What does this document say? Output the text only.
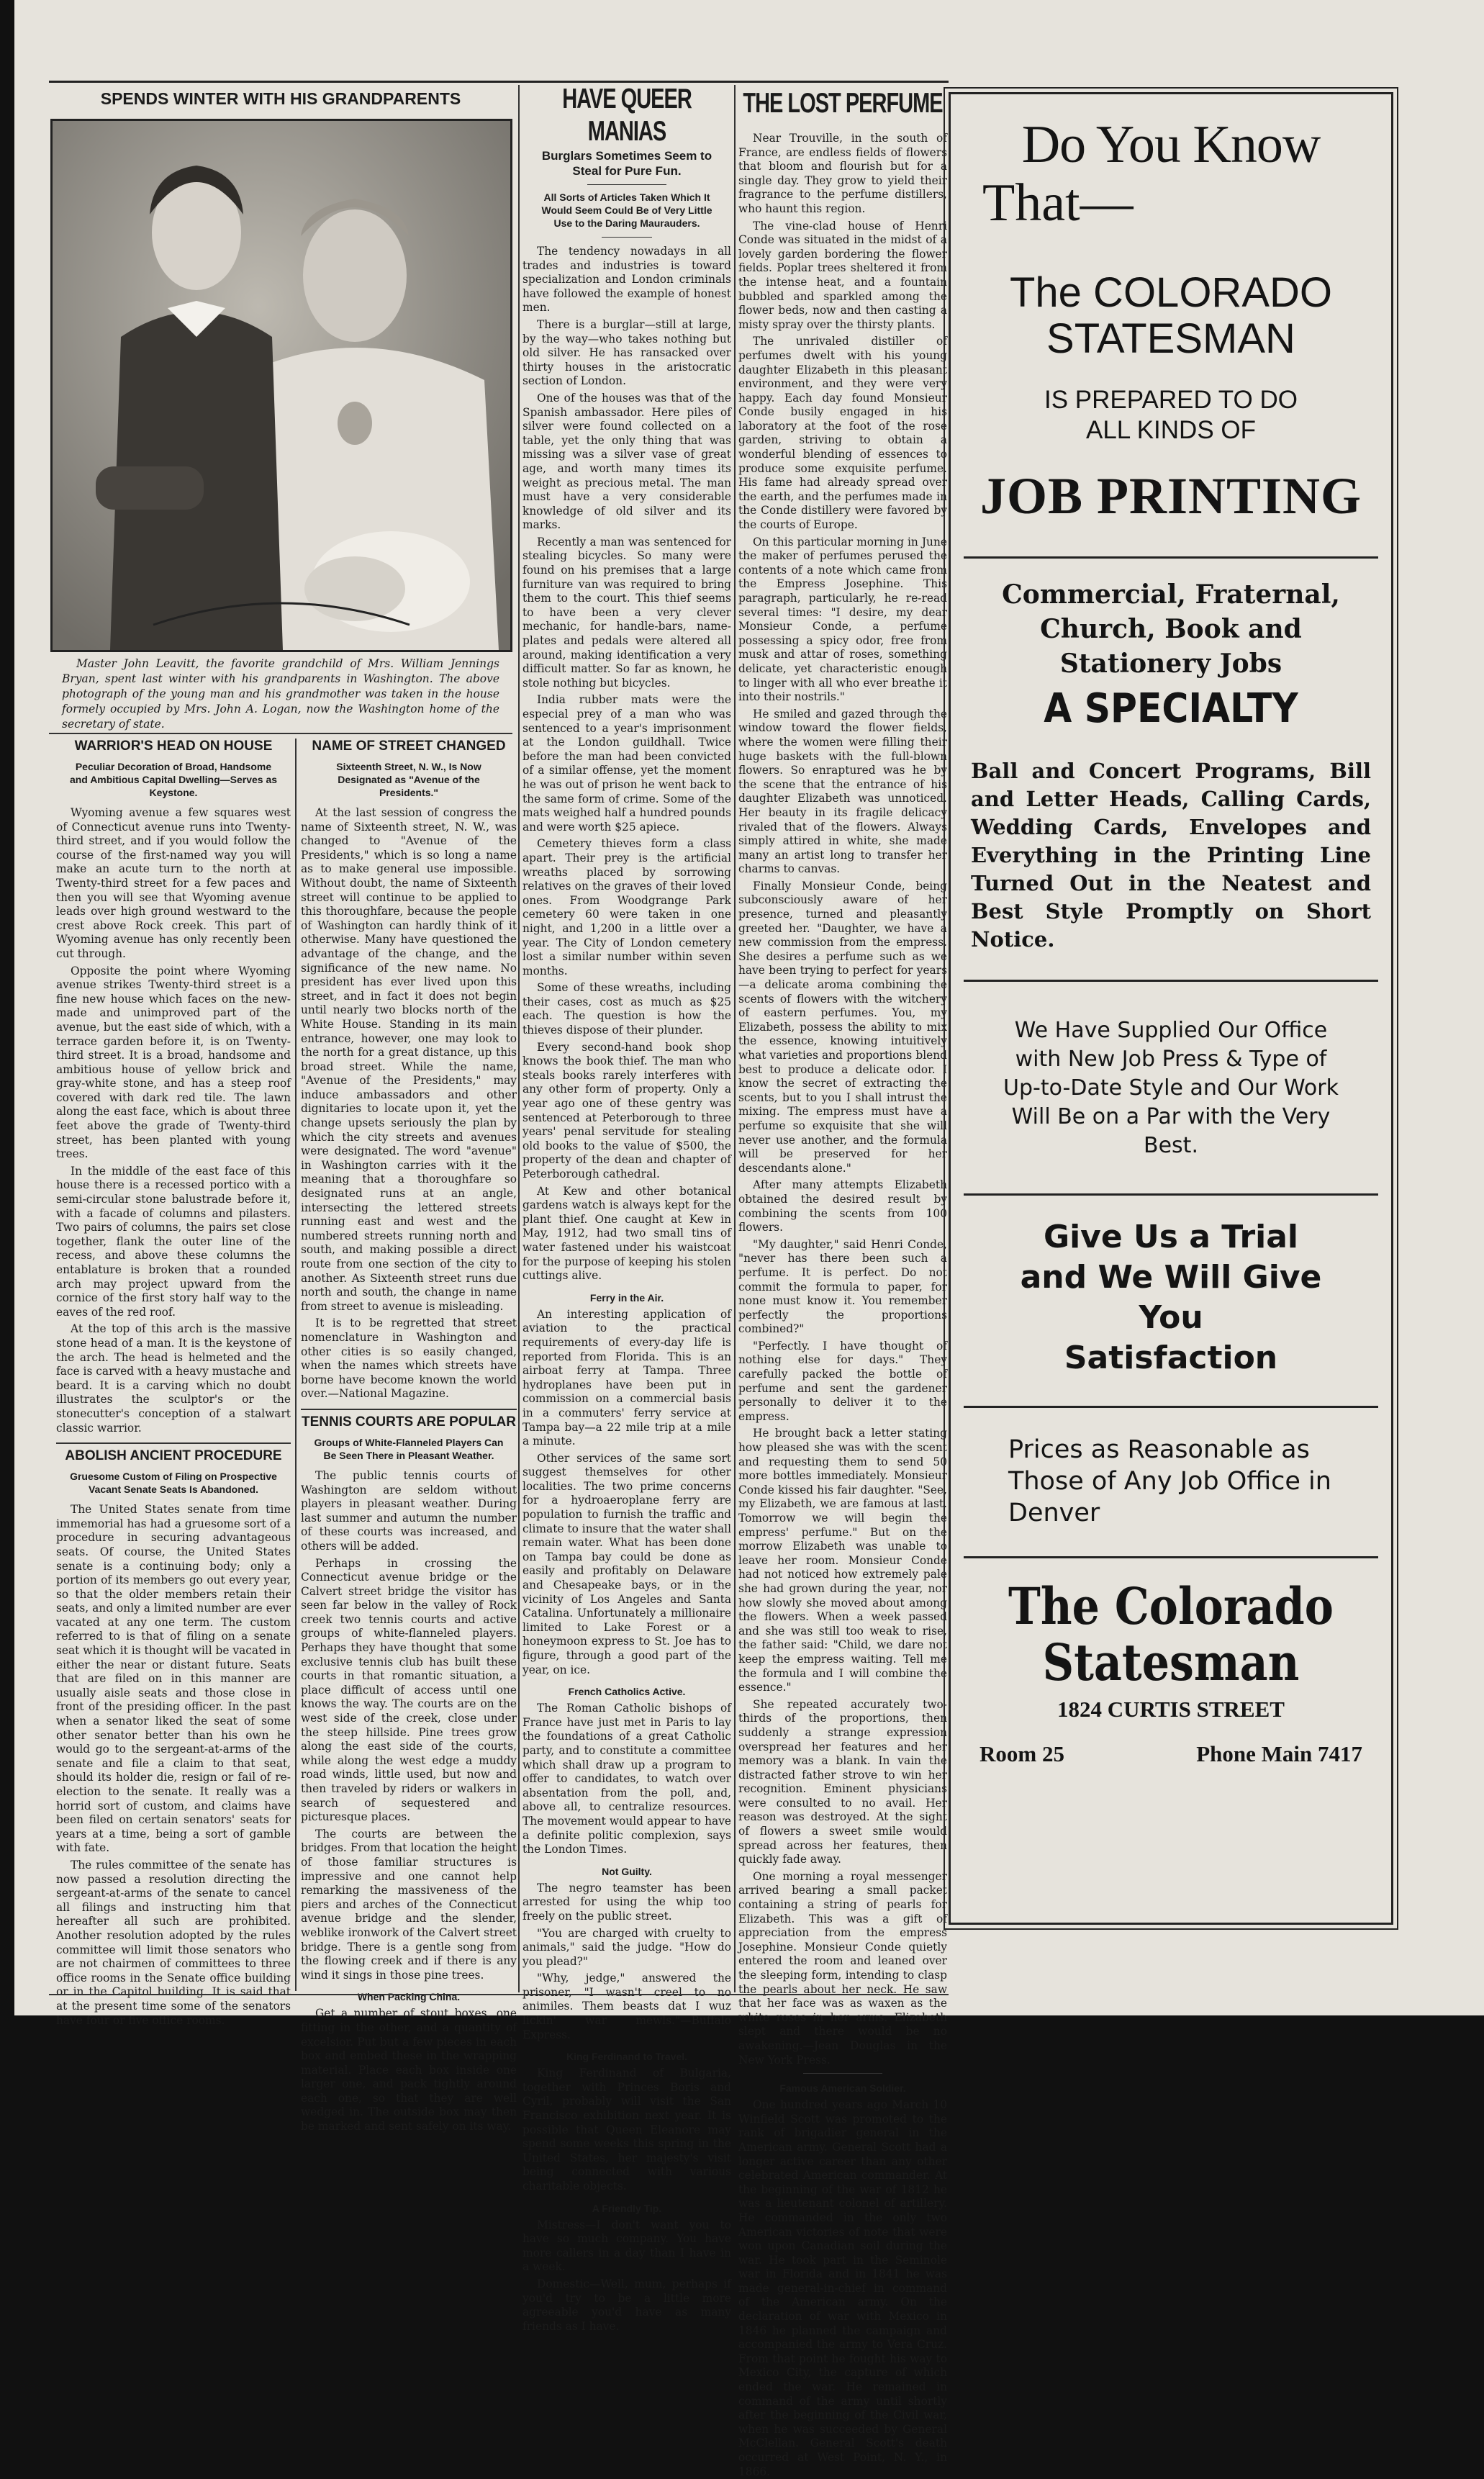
SPENDS WINTER WITH HIS GRANDPARENTS

Master John Leavitt, the favorite grandchild of Mrs. William Jennings Bryan, spent last winter with his grandparents in Washington. The above photograph of the young man and his grandmother was taken in the house formely occupied by Mrs. John A. Logan, now the Washington home of the secretary of state.

WARRIOR'S HEAD ON HOUSE
Peculiar Decoration of Broad, Handsome and Ambitious Capital Dwelling—Serves as Keystone.

Wyoming avenue a few squares west of Connecticut avenue runs into Twenty-third street, and if you would follow the course of the first-named way you will make an acute turn to the north at Twenty-third street for a few paces and then you will see that Wyoming avenue leads over high ground westward to the crest above Rock creek. This part of Wyoming avenue has only recently been cut through.

Opposite the point where Wyoming avenue strikes Twenty-third street is a fine new house which faces on the new-made and unimproved part of the avenue, but the east side of which, with a terrace garden before it, is on Twenty-third street. It is a broad, handsome and ambitious house of yellow brick and gray-white stone, and has a steep roof covered with dark red tile. The lawn along the east face, which is about three feet above the grade of Twenty-third street, has been planted with young trees.

In the middle of the east face of this house there is a recessed portico with a semi-circular stone balustrade before it, with a facade of columns and pilasters. Two pairs of columns, the pairs set close together, flank the outer line of the recess, and above these columns the entablature is broken that a rounded arch may project upward from the cornice of the first story half way to the eaves of the red roof.

At the top of this arch is the massive stone head of a man. It is the keystone of the arch. The head is helmeted and the face is carved with a heavy mustache and beard. It is a carving which no doubt illustrates the sculptor's or the stonecutter's conception of a stalwart classic warrior.

ABOLISH ANCIENT PROCEDURE
Gruesome Custom of Filing on Prospective Vacant Senate Seats Is Abandoned.

The United States senate from time immemorial has had a gruesome sort of a procedure in securing advantageous seats. Of course, the United States senate is a continuing body; only a portion of its members go out every year, so that the older members retain their seats, and only a limited number are ever vacated at any one term. The custom referred to is that of filing on a senate seat which it is thought will be vacated in either the near or distant future. Seats that are filed on in this manner are usually aisle seats and those close in front of the presiding officer. In the past when a senator liked the seat of some other senator better than his own he would go to the sergeant-at-arms of the senate and file a claim to that seat, should its holder die, resign or fail of re-election to the senate. It really was a horrid sort of custom, and claims have been filed on certain senators' seats for years at a time, being a sort of gamble with fate.

The rules committee of the senate has now passed a resolution directing the sergeant-at-arms of the senate to cancel all filings and instructing him that hereafter all such are prohibited. Another resolution adopted by the rules committee will limit those senators who are not chairmen of committees to three office rooms in the Senate office building or in the Capitol building. It is said that at the present time some of the senators have four or five office rooms.

NAME OF STREET CHANGED
Sixteenth Street, N. W., Is Now Designated as "Avenue of the Presidents."

At the last session of congress the name of Sixteenth street, N. W., was changed to "Avenue of the Presidents," which is so long a name as to make general use impossible. Without doubt, the name of Sixteenth street will continue to be applied to this thoroughfare, because the people of Washington can hardly think of it otherwise. Many have questioned the advantage of the change, and the significance of the new name. No president has ever lived upon this street, and in fact it does not begin until nearly two blocks north of the White House. Standing in its main entrance, however, one may look to the north for a great distance, up this broad street. While the name, "Avenue of the Presidents," may induce ambassadors and other dignitaries to locate upon it, yet the change upsets seriously the plan by which the city streets and avenues were designated. The word "avenue" in Washington carries with it the meaning that a thoroughfare so designated runs at an angle, intersecting the lettered streets running east and west and the numbered streets running north and south, and making possible a direct route from one section of the city to another. As Sixteenth street runs due north and south, the change in name from street to avenue is misleading.

It is to be regretted that street nomenclature in Washington and other cities is so easily changed, when the names which streets have borne have become known the world over.—National Magazine.

TENNIS COURTS ARE POPULAR
Groups of White-Flanneled Players Can Be Seen There in Pleasant Weather.

The public tennis courts of Washington are seldom without players in pleasant weather. During last summer and autumn the number of these courts was increased, and others will be added.

Perhaps in crossing the Connecticut avenue bridge or the Calvert street bridge the visitor has seen far below in the valley of Rock creek two tennis courts and active groups of white-flanneled players. Perhaps they have thought that some exclusive tennis club has built these courts in that romantic situation, a place difficult of access until one knows the way. The courts are on the west side of the creek, close under the steep hillside. Pine trees grow along the east side of the courts, while along the west edge a muddy road winds, little used, but now and then traveled by riders or walkers in search of sequestered and picturesque places.

The courts are between the bridges. From that location the height of those familiar structures is impressive and one cannot help remarking the massiveness of the piers and arches of the Connecticut avenue bridge and the slender, weblike ironwork of the Calvert street bridge. There is a gentle song from the flowing creek and if there is any wind it sings in those pine trees.

When Packing China.

Get a number of stout boxes, one fitting in the other, and a quantity of excelsior. Put but a few pieces in each box and embed these in the wrapping material. Place each box inside one larger one, and pack tightly around each one, so that they are well wedged in. The outside box may then be marked and sent safely on its way.

HAVE QUEER MANIAS
Burglars Sometimes Seem to Steal for Pure Fun.
All Sorts of Articles Taken Which It Would Seem Could Be of Very Little Use to the Daring Maurauders.

The tendency nowadays in all trades and industries is toward specialization and London criminals have followed the example of honest men.

There is a burglar—still at large, by the way—who takes nothing but old silver. He has ransacked over thirty houses in the aristocratic section of London.

One of the houses was that of the Spanish ambassador. Here piles of silver were found collected on a table, yet the only thing that was missing was a silver vase of great age, and worth many times its weight as precious metal. The man must have a very considerable knowledge of old silver and its marks.

Recently a man was sentenced for stealing bicycles. So many were found on his premises that a large furniture van was required to bring them to the court. This thief seems to have been a very clever mechanic, for handle-bars, name-plates and pedals were altered all around, making identification a very difficult matter. So far as known, he stole nothing but bicycles.

India rubber mats were the especial prey of a man who was sentenced to a year's imprisonment at the London guildhall. Twice before the man had been convicted of a similar offense, yet the moment he was out of prison he went back to the same form of crime. Some of the mats weighed half a hundred pounds and were worth $25 apiece.

Cemetery thieves form a class apart. Their prey is the artificial wreaths placed by sorrowing relatives on the graves of their loved ones. From Woodgrange Park cemetery 60 were taken in one night, and 1,200 in a little over a year. The City of London cemetery lost a similar number within seven months.

Some of these wreaths, including their cases, cost as much as $25 each. The question is how the thieves dispose of their plunder.

Every second-hand book shop knows the book thief. The man who steals books rarely interferes with any other form of property. Only a year ago one of these gentry was sentenced at Peterborough to three years' penal servitude for stealing old books to the value of $500, the property of the dean and chapter of Peterborough cathedral.

At Kew and other botanical gardens watch is always kept for the plant thief. One caught at Kew in May, 1912, had two small tins of water fastened under his waistcoat for the purpose of keeping his stolen cuttings alive.

Ferry in the Air.

An interesting application of aviation to the practical requirements of every-day life is reported from Florida. This is an airboat ferry at Tampa. Three hydroplanes have been put in commission on a commercial basis in a commuters' ferry service at Tampa bay—a 22 mile trip at a mile a minute.

Other services of the same sort suggest themselves for other localities. The two prime concerns for a hydroaeroplane ferry are population to furnish the traffic and climate to insure that the water shall remain water. What has been done on Tampa bay could be done as easily and profitably on Delaware and Chesapeake bays, or in the vicinity of Los Angeles and Santa Catalina. Unfortunately a millionaire limited to Lake Forest or a honeymoon express to St. Joe has to figure, through a good part of the year, on ice.

French Catholics Active.

The Roman Catholic bishops of France have just met in Paris to lay the foundations of a great Catholic party, and to constitute a committee which shall draw up a program to offer to candidates, to watch over absentation from the poll, and, above all, to centralize resources. The movement would appear to have a definite politic complexion, says the London Times.

Not Guilty.

The negro teamster has been arrested for using the whip too freely on the public street.

"You are charged with cruelty to animals," said the judge. "How do you plead?"

"Why, jedge," answered the prisoner, "I wasn't creel to no animiles. Them beasts dat I wuz lickin' war mewls."—Buffalo Express.

King Ferdinand to Travel.

King Ferdinand of Bulgaria, together with Princes Boris and Cyril, probably will visit the San Francisco exhibition next year. It is possible that Queen Eleanore may spend some weeks this spring in the United States, her majesty's visit being connected with various charitable objects.

A Friendly Tip.

Mistress—I don't want you to have so much company. You have more callers in a day than I have in a week.

Domestic—Well, mum, perhaps if you'd try to be a little more agreeable you'd have as many friends as I have.

THE LOST PERFUME

Near Trouville, in the south of France, are endless fields of flowers that bloom and flourish but for a single day. They grow to yield their fragrance to the perfume distillers, who haunt this region.

The vine-clad house of Henri Conde was situated in the midst of a lovely garden bordering the flower fields. Poplar trees sheltered it from the intense heat, and a fountain bubbled and sparkled among the flower beds, now and then casting a misty spray over the thirsty plants.

The unrivaled distiller of perfumes dwelt with his young daughter Elizabeth in this pleasant environment, and they were very happy. Each day found Monsieur Conde busily engaged in his laboratory at the foot of the rose garden, striving to obtain a wonderful blending of essences to produce some exquisite perfume. His fame had already spread over the earth, and the perfumes made in the Conde distillery were favored by the courts of Europe.

On this particular morning in June the maker of perfumes perused the contents of a note which came from the Empress Josephine. This paragraph, particularly, he re-read several times: "I desire, my dear Monsieur Conde, a perfume possessing a spicy odor, free from musk and attar of roses, something delicate, yet characteristic enough to linger with all who ever breathe it into their nostrils."

He smiled and gazed through the window toward the flower fields, where the women were filling their huge baskets with the full-blown flowers. So enraptured was he by the scene that the entrance of his daughter Elizabeth was unnoticed. Her beauty in its fragile delicacy rivaled that of the flowers. Always simply attired in white, she made many an artist long to transfer her charms to canvas.

Finally Monsieur Conde, being subconsciously aware of her presence, turned and pleasantly greeted her. "Daughter, we have a new commission from the empress. She desires a perfume such as we have been trying to perfect for years—a delicate aroma combining the scents of flowers with the witchery of eastern perfumes. You, my Elizabeth, possess the ability to mix the essence, knowing intuitively what varieties and proportions blend best to produce a delicate odor. I know the secret of extracting the scents, but to you I shall intrust the mixing. The empress must have a perfume so exquisite that she will never use another, and the formula will be preserved for her descendants alone."

After many attempts Elizabeth obtained the desired result by combining the scents from 100 flowers.

"My daughter," said Henri Conde, "never has there been such a perfume. It is perfect. Do not commit the formula to paper, for none must know it. You remember perfectly the proportions combined?"

"Perfectly. I have thought of nothing else for days." They carefully packed the bottle of perfume and sent the gardener personally to deliver it to the empress.

He brought back a letter stating how pleased she was with the scent and requesting them to send 50 more bottles immediately. Monsieur Conde kissed his fair daughter. "See, my Elizabeth, we are famous at last. Tomorrow we will begin the empress' perfume." But on the morrow Elizabeth was unable to leave her room. Monsieur Conde had not noticed how extremely pale she had grown during the year, nor how slowly she moved about among the flowers. When a week passed and she was still too weak to rise, the father said: "Child, we dare not keep the empress waiting. Tell me the formula and I will combine the essence."

She repeated accurately two-thirds of the proportions, then suddenly a strange expression overspread her features and her memory was a blank. In vain the distracted father strove to win her recognition. Eminent physicians were consulted to no avail. Her reason was destroyed. At the sight of flowers a sweet smile would spread across her features, then quickly fade away.

One morning a royal messenger arrived bearing a small packet containing a string of pearls for Elizabeth. This was a gift of appreciation from the empress Josephine. Monsieur Conde quietly entered the room and leaned over the sleeping form, intending to clasp the pearls about her neck. He saw that her face was as waxen as the white roses in her arms. Elizabeth slept and there would be no awakening.—Jean Douglas in the New York Press.

Famous American Soldier.

One hundred years ago March 10 Winfield Scott was promoted to the rank of brigadier general in the American army. General Scott had a longer active career than any other celebrated American commander. At the beginning of the war of 1812 he was a lieutenant colonel of artillery. He commanded in the only two American victories of note that were won upon Canadian soil during the war. He took part in the Seminole war in Florida and in 1841 he was made general-in-chief in command of the American army. On the declaration of war with Mexico in 1846 he planned the campaign and accompanied the army to Vera Cruz. From that point he fought his way to Mexico City, the capture of which ended the war. He remained in command of the army until shortly after the beginning of the Civil war, when he was succeeded by General McClellan. General Scott's death occurred at West Point, N. Y., in 1866.

Do You Know
That—
The COLORADO
STATESMAN
IS PREPARED TO DO
ALL KINDS OF
JOB PRINTING
Commercial, Fraternal,
Church, Book and
Stationery Jobs
A SPECIALTY
Ball and Concert Programs, Bill and Letter Heads, Calling Cards, Wedding Cards, Envelopes and Everything in the Printing Line Turned Out in the Neatest and Best Style Promptly on Short Notice.
We Have Supplied Our Office with New Job Press & Type of Up-to-Date Style and Our Work Will Be on a Par with the Very Best.
Give Us a Trial
and We Will Give
You
Satisfaction
Prices as Reasonable as Those of Any Job Office in Denver
The Colorado
Statesman
1824 CURTIS STREET
Room 25	Phone Main 7417
